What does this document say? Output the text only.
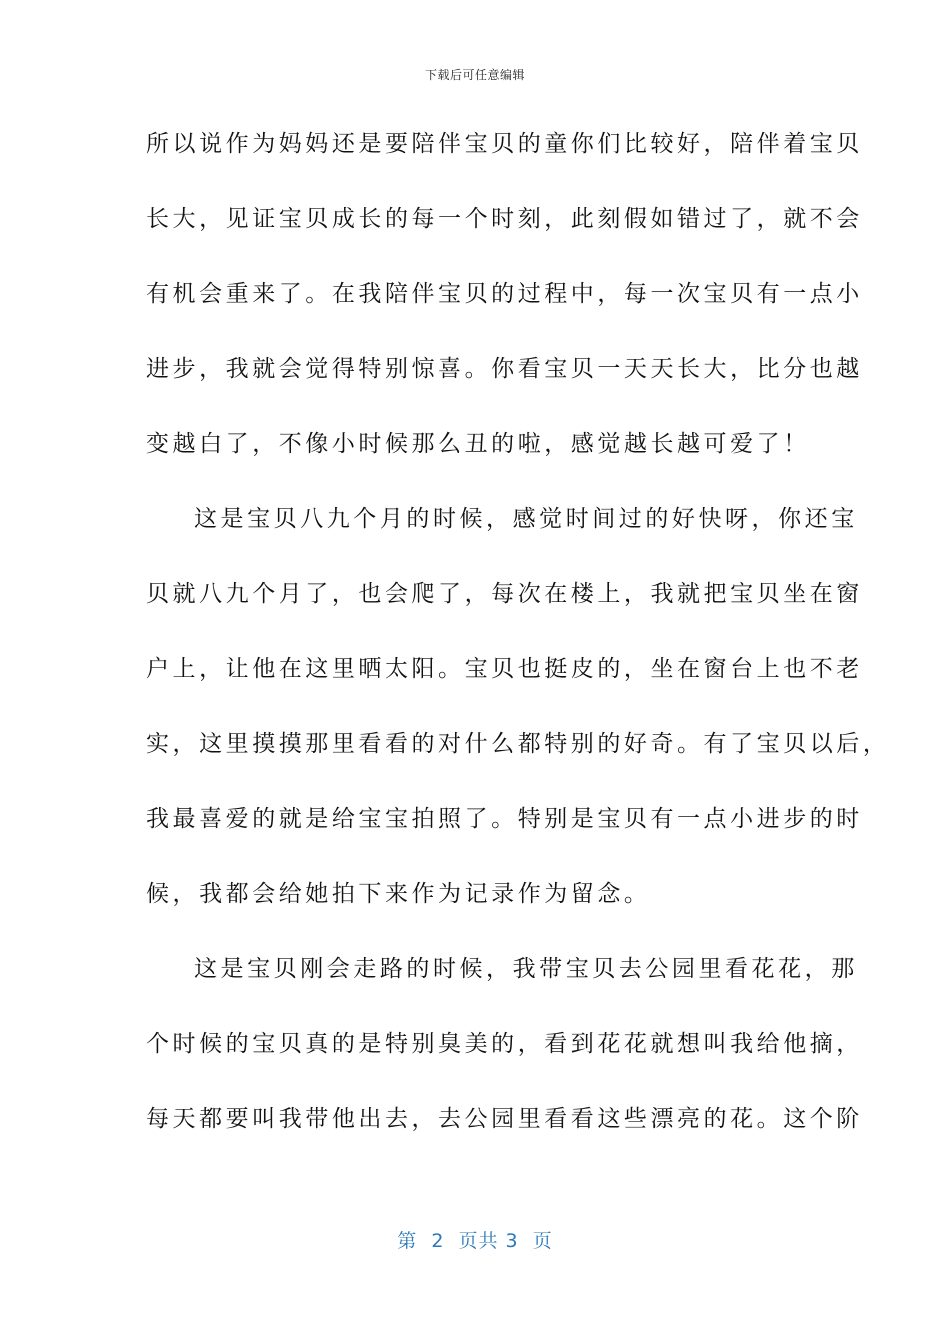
下载后可任意编辑
所以说作为妈妈还是要陪伴宝贝的童你们比较好，陪伴着宝贝
长大，见证宝贝成长的每一个时刻，此刻假如错过了，就不会
有机会重来了。在我陪伴宝贝的过程中，每一次宝贝有一点小
进步，我就会觉得特别惊喜。你看宝贝一天天长大，比分也越
变越白了，不像小时候那么丑的啦，感觉越长越可爱了！
这是宝贝八九个月的时候，感觉时间过的好快呀，你还宝
贝就八九个月了，也会爬了，每次在楼上，我就把宝贝坐在窗
户上，让他在这里晒太阳。宝贝也挺皮的，坐在窗台上也不老
实，这里摸摸那里看看的对什么都特别的好奇。有了宝贝以后，
我最喜爱的就是给宝宝拍照了。特别是宝贝有一点小进步的时
候，我都会给她拍下来作为记录作为留念。
这是宝贝刚会走路的时候，我带宝贝去公园里看花花，那
个时候的宝贝真的是特别臭美的，看到花花就想叫我给他摘，
每天都要叫我带他出去，去公园里看看这些漂亮的花。这个阶
第  2  页共 3  页
